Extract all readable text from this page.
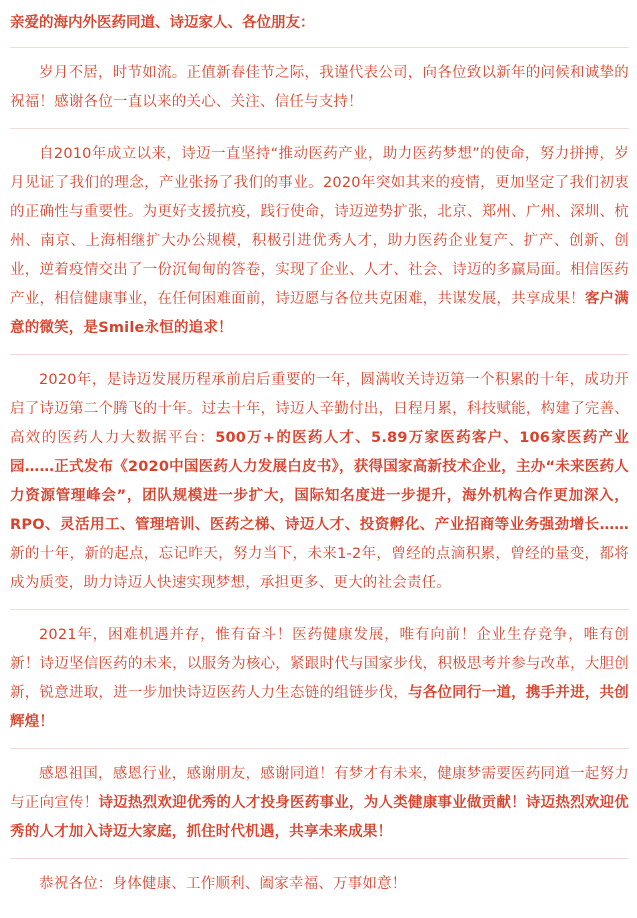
亲爱的海内外医药同道、诗迈家人、各位朋友：

岁月不居，时节如流。正值新春佳节之际，我谨代表公司，向各位致以新年的问候和诚挚的祝福！感谢各位一直以来的关心、关注、信任与支持！

自2010年成立以来，诗迈一直坚持“推动医药产业，助力医药梦想”的使命，努力拼搏，岁月见证了我们的理念，产业张扬了我们的事业。2020年突如其来的疫情，更加坚定了我们初衷的正确性与重要性。为更好支援抗疫，践行使命，诗迈逆势扩张，北京、郑州、广州、深圳、杭州、南京、上海相继扩大办公规模，积极引进优秀人才，助力医药企业复产、扩产、创新、创业，逆着疫情交出了一份沉甸甸的答卷，实现了企业、人才、社会、诗迈的多赢局面。相信医药产业，相信健康事业，在任何困难面前，诗迈愿与各位共克困难，共谋发展，共享成果！客户满意的微笑，是Smile永恒的追求！

2020年，是诗迈发展历程承前启后重要的一年，圆满收关诗迈第一个积累的十年，成功开启了诗迈第二个腾飞的十年。过去十年，诗迈人辛勤付出，日程月累，科技赋能，构建了完善、高效的医药人力大数据平台：500万+的医药人才、5.89万家医药客户、106家医药产业园……正式发布《2020中国医药人力发展白皮书》，获得国家高新技术企业，主办“未来医药人力资源管理峰会”，团队规模进一步扩大，国际知名度进一步提升，海外机构合作更加深入，RPO、灵活用工、管理培训、医药之梯、诗迈人才、投资孵化、产业招商等业务强劲增长……新的十年，新的起点，忘记昨天，努力当下，未来1-2年，曾经的点滴积累，曾经的量变，都将成为质变，助力诗迈人快速实现梦想，承担更多、更大的社会责任。

2021年，困难机遇并存，惟有奋斗！医药健康发展，唯有向前！企业生存竞争，唯有创新！诗迈坚信医药的未来，以服务为核心，紧跟时代与国家步伐，积极思考并参与改革，大胆创新，锐意进取，进一步加快诗迈医药人力生态链的组链步伐，与各位同行一道，携手并进，共创辉煌！

感恩祖国，感恩行业，感谢朋友，感谢同道！有梦才有未来，健康梦需要医药同道一起努力与正向宣传！诗迈热烈欢迎优秀的人才投身医药事业，为人类健康事业做贡献！诗迈热烈欢迎优秀的人才加入诗迈大家庭，抓住时代机遇，共享未来成果！

恭祝各位：身体健康、工作顺利、阖家幸福、万事如意！
